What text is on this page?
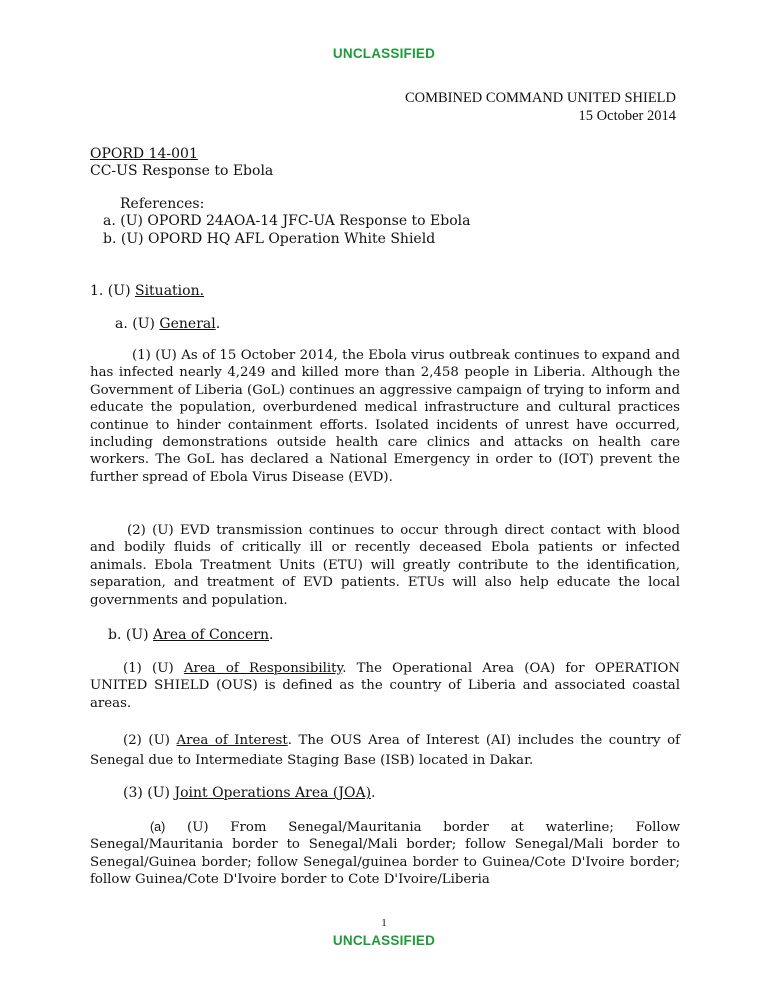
UNCLASSIFIED
COMBINED COMMAND UNITED SHIELD
15 October 2014
OPORD 14-001
CC-US Response to Ebola
References:
a. (U) OPORD 24AOA-14 JFC-UA Response to Ebola
b. (U) OPORD HQ AFL Operation White Shield
1. (U) Situation.
a. (U) General.
(1) (U) As of 15 October 2014, the Ebola virus outbreak continues to expand and has infected nearly 4,249 and killed more than 2,458 people in Liberia. Although the Government of Liberia (GoL) continues an aggressive campaign of trying to inform and educate the population, overburdened medical infrastructure and cultural practices continue to hinder containment efforts. Isolated incidents of unrest have occurred, including demonstrations outside health care clinics and attacks on health care workers. The GoL has declared a National Emergency in order to (IOT) prevent the further spread of Ebola Virus Disease (EVD).
(2) (U) EVD transmission continues to occur through direct contact with blood and bodily fluids of critically ill or recently deceased Ebola patients or infected animals. Ebola Treatment Units (ETU) will greatly contribute to the identification, separation, and treatment of EVD patients. ETUs will also help educate the local governments and population.
b. (U) Area of Concern.
(1) (U) Area of Responsibility. The Operational Area (OA) for OPERATION UNITED SHIELD (OUS) is defined as the country of Liberia and associated coastal areas.
(2) (U) Area of Interest. The OUS Area of Interest (AI) includes the country of Senegal due to Intermediate Staging Base (ISB) located in Dakar.
(3) (U) Joint Operations Area (JOA).
(a) (U) From Senegal/Mauritania border at waterline; Follow Senegal/Mauritania border to Senegal/Mali border; follow Senegal/Mali border to Senegal/Guinea border; follow Senegal/guinea border to Guinea/Cote D'Ivoire border; follow Guinea/Cote D'Ivoire border to Cote D'Ivoire/Liberia
1
UNCLASSIFIED
